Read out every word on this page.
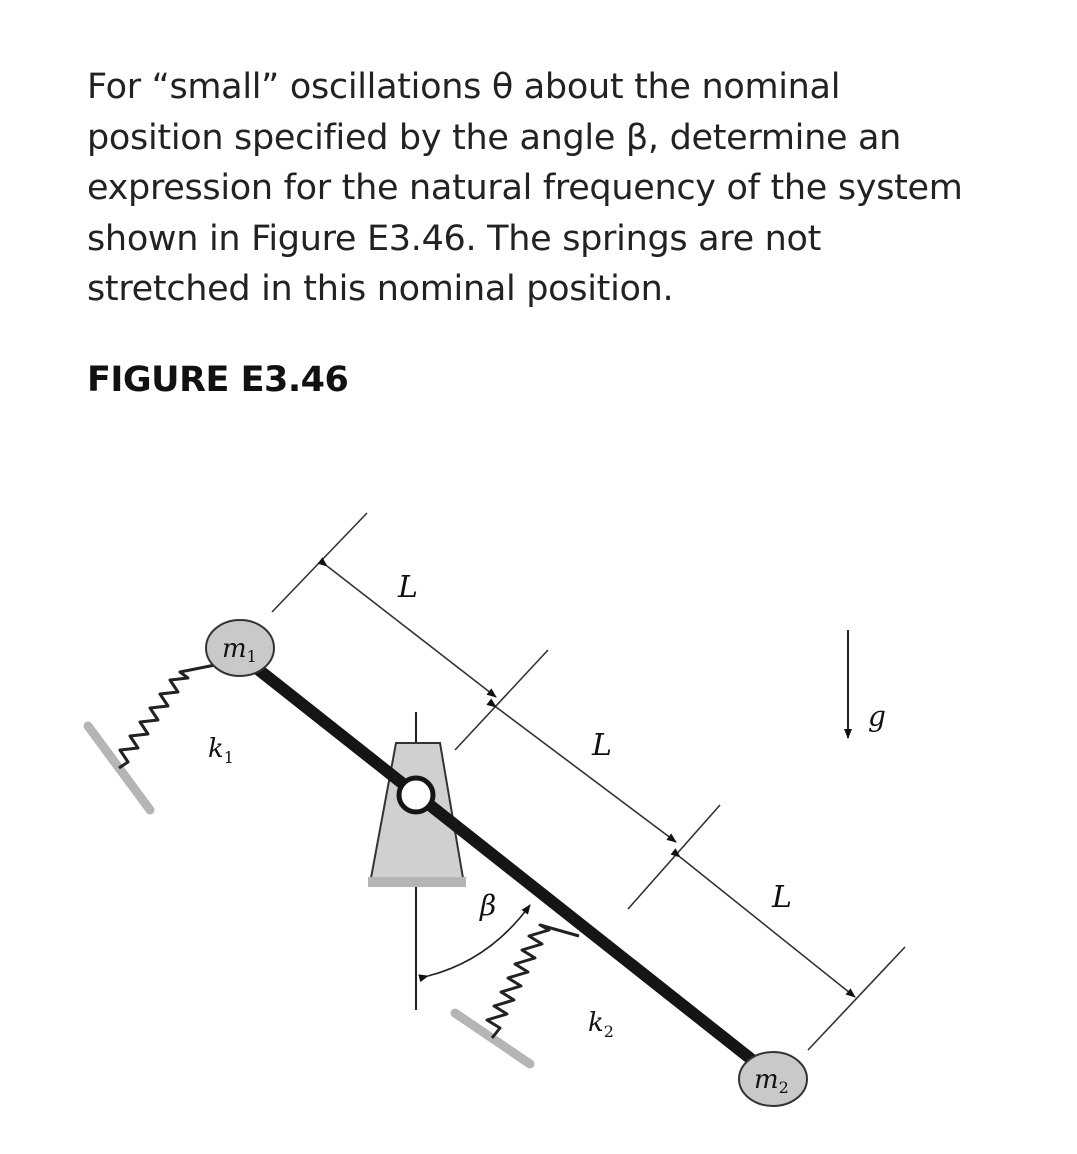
For “small” oscillations θ about the nominal position specified by the angle β, determine an expression for the natural frequency of the system shown in Figure E3.46. The springs are not stretched in this nominal position.

FIGURE E3.46

L
L
L
m1
m2
$k_1$
$k_2$
β
g
